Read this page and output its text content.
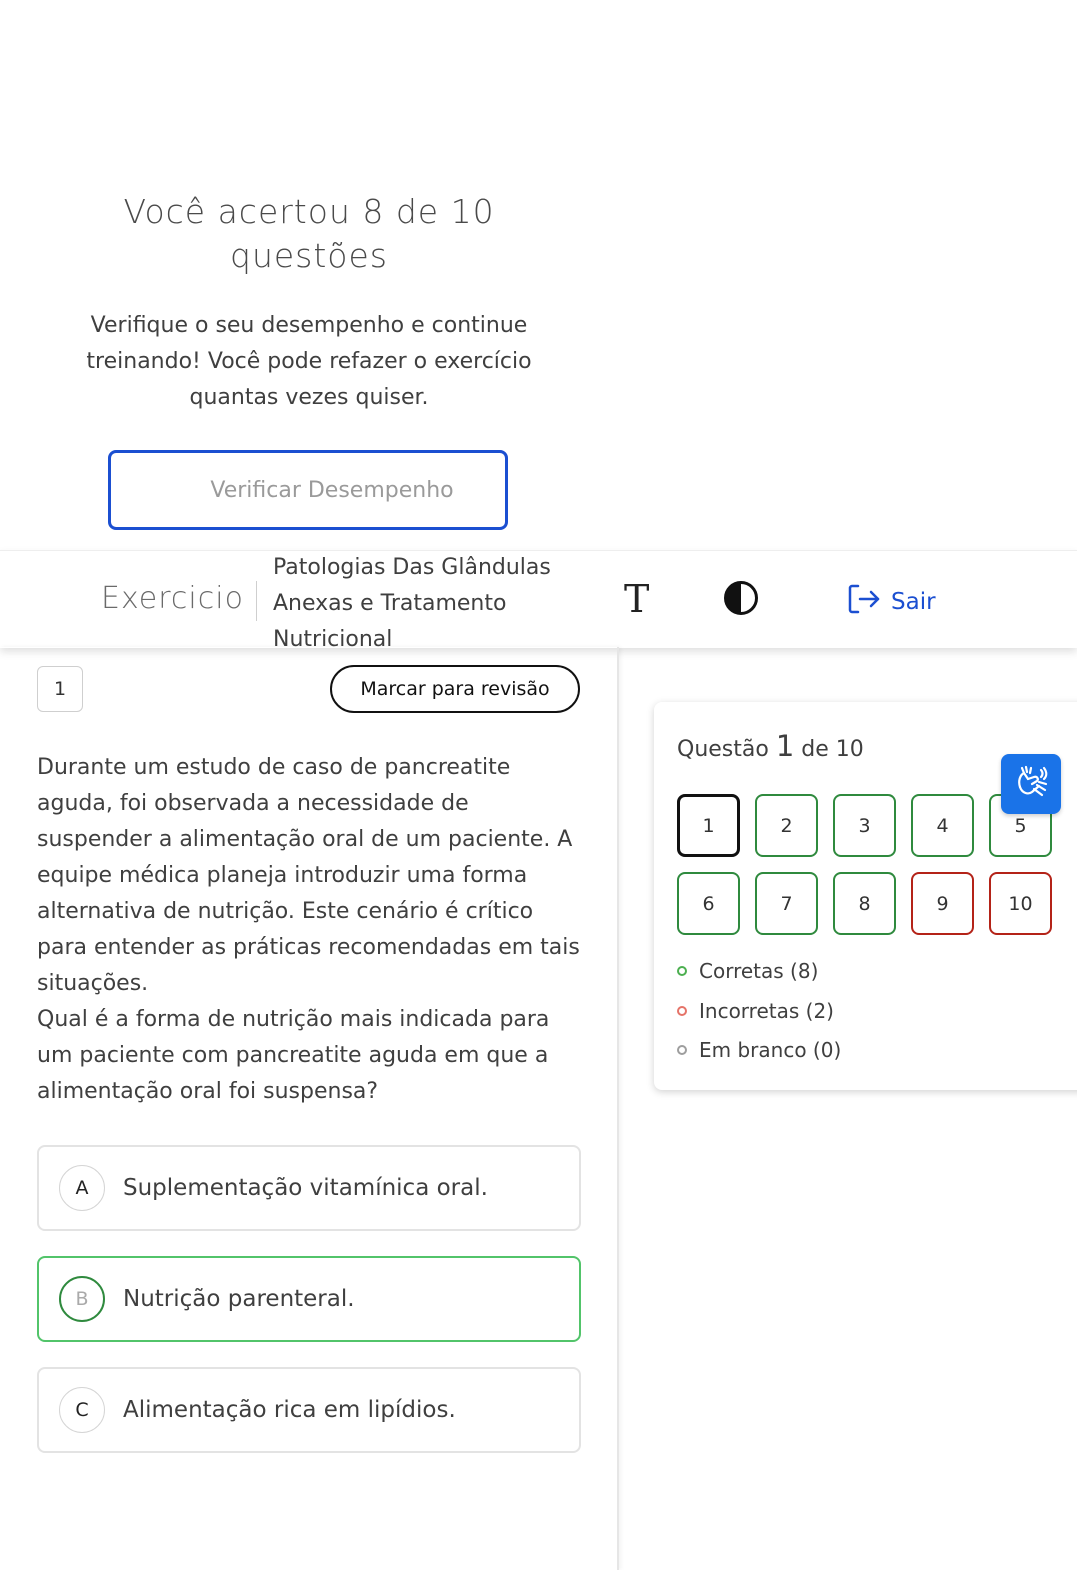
Você acertou 8 de 10 questões
Verifique o seu desempenho e continue treinando! Você pode refazer o exercício quantas vezes quiser.
Verificar Desempenho
Exercicio
Patologias Das Glândulas Anexas e Tratamento Nutricional
T	Sair
1	Marcar para revisão
Durante um estudo de caso de pancreatite aguda, foi observada a necessidade de suspender a alimentação oral de um paciente. A equipe médica planeja introduzir uma forma alternativa de nutrição. Este cenário é crítico para entender as práticas recomendadas em tais situações.
Qual é a forma de nutrição mais indicada para um paciente com pancreatite aguda em que a alimentação oral foi suspensa?
A	Suplementação vitamínica oral.
B	Nutrição parenteral.
C	Alimentação rica em lipídios.
Questão 1 de 10
1	2	3	4	5
6	7	8	9	10
Corretas (8)
Incorretas (2)
Em branco (0)
